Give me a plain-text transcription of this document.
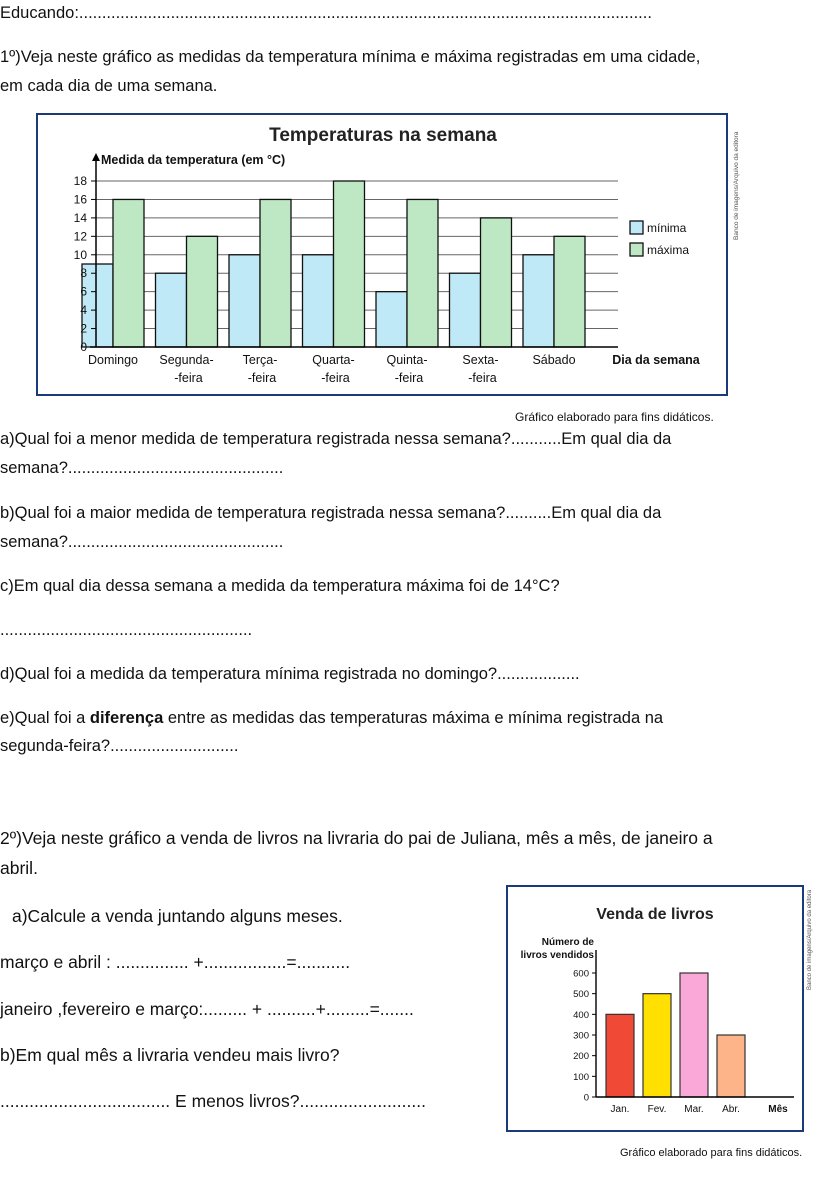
Educando:.............................................................................................................................

1º)Veja neste gráfico as medidas da temperatura mínima e máxima registradas em uma cidade,

em cada dia de uma semana.

Temperaturas na semana
Medida da temperatura (em °C)
0
2
4
6
8
10
12
14
16
18
Domingo Segunda-
-feira
Terça-
-feira
Quarta-
-feira
Quinta-
-feira
Sexta-
-feira
Sábado	Dia da semana
mínima
máxima
Banco de imagens/Arquivo da editora

Gráfico elaborado para fins didáticos.

a)Qual foi a menor medida de temperatura registrada nessa semana?...........Em qual dia da

semana?...............................................

b)Qual foi a maior medida de temperatura registrada nessa semana?..........Em qual dia da

semana?...............................................

c)Em qual dia dessa semana a medida da temperatura máxima foi de 14°C?

.......................................................

d)Qual foi a medida da temperatura mínima registrada no domingo?..................

e)Qual foi a diferença entre as medidas das temperaturas máxima e mínima registrada na

segunda-feira?............................

2º)Veja neste gráfico a venda de livros na livraria do pai de Juliana, mês a mês, de janeiro a

abril.

a)Calcule a venda juntando alguns meses.

março e abril : ............... +.................=...........

janeiro ,fevereiro e março:......... + ..........+.........=.......

b)Em qual mês a livraria vendeu mais livro?

................................... E menos livros?..........................

Venda de livros
Número de
livros vendidos
0
100
200
300
400
500
600
Jan. Fev. Mar. Abr.	Mês
Banco de imagens/Arquivo da editora

Gráfico elaborado para fins didáticos.
